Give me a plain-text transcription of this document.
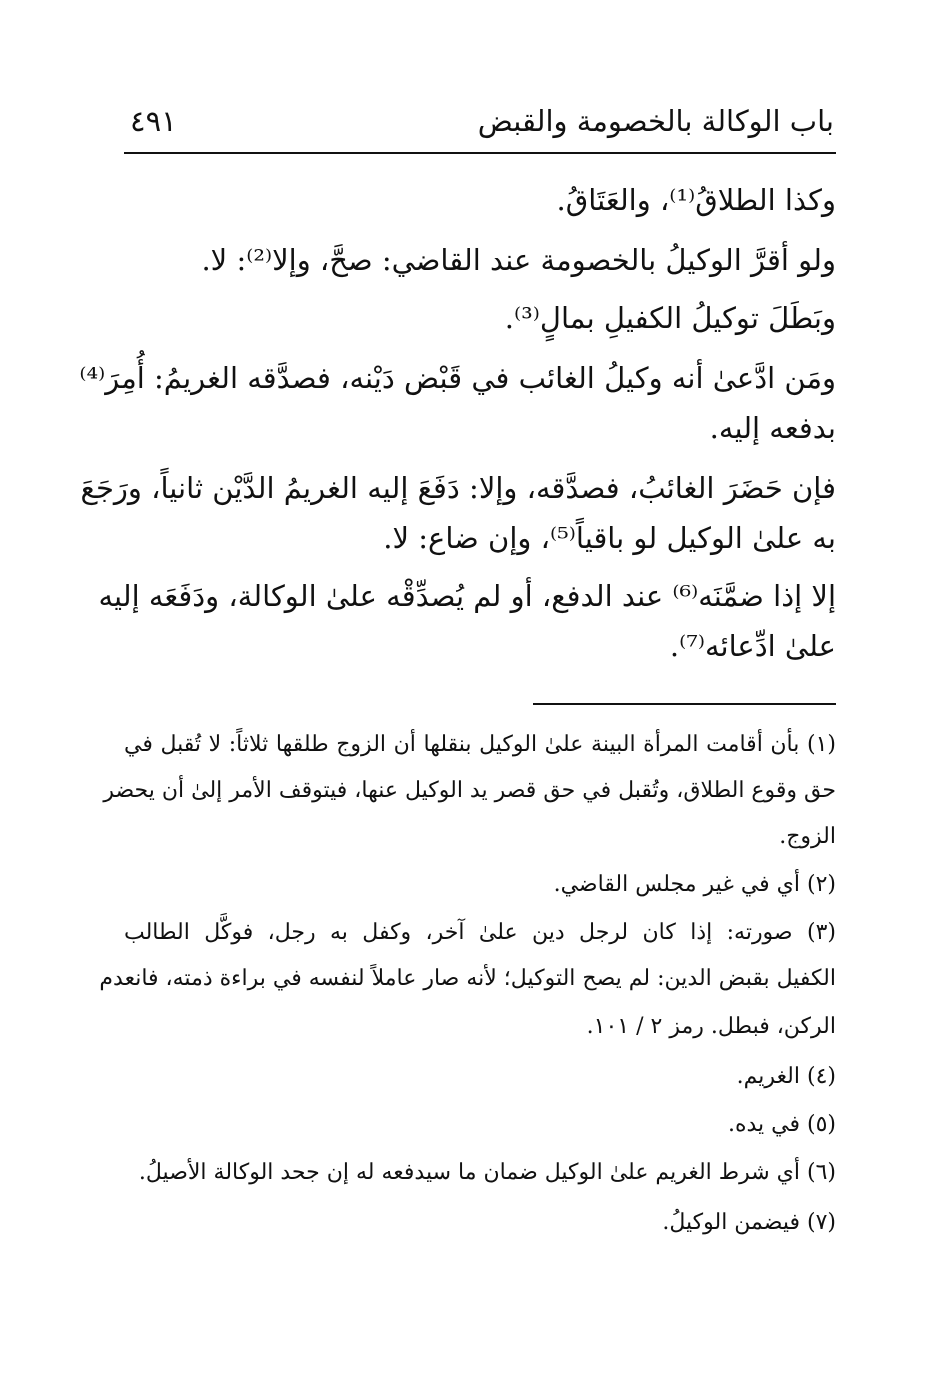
باب الوكالة بالخصومة والقبض
٤٩١
وكذا الطلاقُ⁽¹⁾، والعَتَاقُ.
ولو أقرَّ الوكيلُ بالخصومة عند القاضي: صحَّ، وإلا⁽²⁾: لا.
وبَطَلَ توكيلُ الكفيلِ بمالٍ⁽³⁾.
ومَن ادَّعىٰ أنه وكيلُ الغائب في قَبْض دَيْنه، فصدَّقه الغريمُ: أُمِرَ⁽⁴⁾
بدفعه إليه.
فإن حَضَرَ الغائبُ، فصدَّقه، وإلا: دَفَعَ إليه الغريمُ الدَّيْن ثانياً، ورَجَعَ
به علىٰ الوكيل لو باقياً⁽⁵⁾، وإن ضاع: لا.
إلا إذا ضمَّنَه⁽⁶⁾ عند الدفع، أو لم يُصدِّقْه علىٰ الوكالة، ودَفَعَه إليه
علىٰ ادِّعائه⁽⁷⁾.
(١) بأن أقامت المرأة البينة علىٰ الوكيل بنقلها أن الزوج طلقها ثلاثاً: لا تُقبل في
حق وقوع الطلاق، وتُقبل في حق قصر يد الوكيل عنها، فيتوقف الأمر إلىٰ أن يحضر
الزوج.
(٢) أي في غير مجلس القاضي.
(٣) صورته: إذا كان لرجل دين علىٰ آخر، وكفل به رجل، فوكَّل الطالب
الكفيل بقبض الدين: لم يصح التوكيل؛ لأنه صار عاملاً لنفسه في براءة ذمته، فانعدم
الركن، فبطل. رمز ٢ / ١٠١.
(٤) الغريم.
(٥) في يده.
(٦) أي شرط الغريم علىٰ الوكيل ضمان ما سيدفعه له إن جحد الوكالة الأصيلُ.
(٧) فيضمن الوكيلُ.
